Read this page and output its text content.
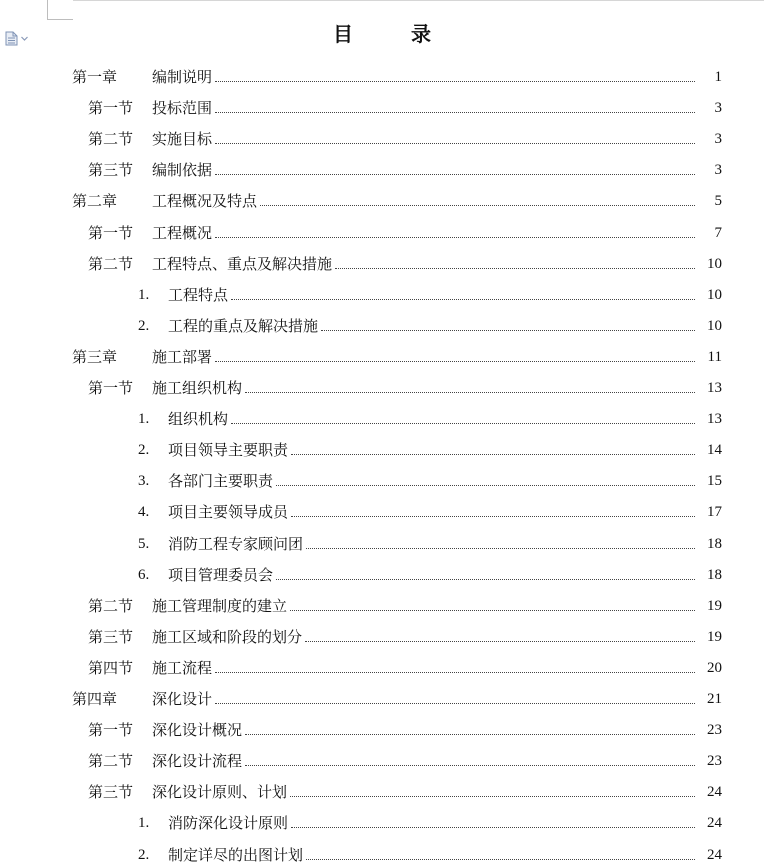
目	录
第一章 编制说明	1
第一节 投标范围	3
第二节 实施目标	3
第三节 编制依据	3
第二章 工程概况及特点	5
第一节 工程概况	7
第二节 工程特点、重点及解决措施	10
1. 工程特点	10
2. 工程的重点及解决措施	10
第三章 施工部署	11
第一节 施工组织机构	13
1. 组织机构	13
2. 项目领导主要职责	14
3. 各部门主要职责	15
4. 项目主要领导成员	17
5. 消防工程专家顾问团	18
6. 项目管理委员会	18
第二节 施工管理制度的建立	19
第三节 施工区域和阶段的划分	19
第四节 施工流程	20
第四章 深化设计	21
第一节 深化设计概况	23
第二节 深化设计流程	23
第三节 深化设计原则、计划	24
1. 消防深化设计原则	24
2. 制定详尽的出图计划	24
